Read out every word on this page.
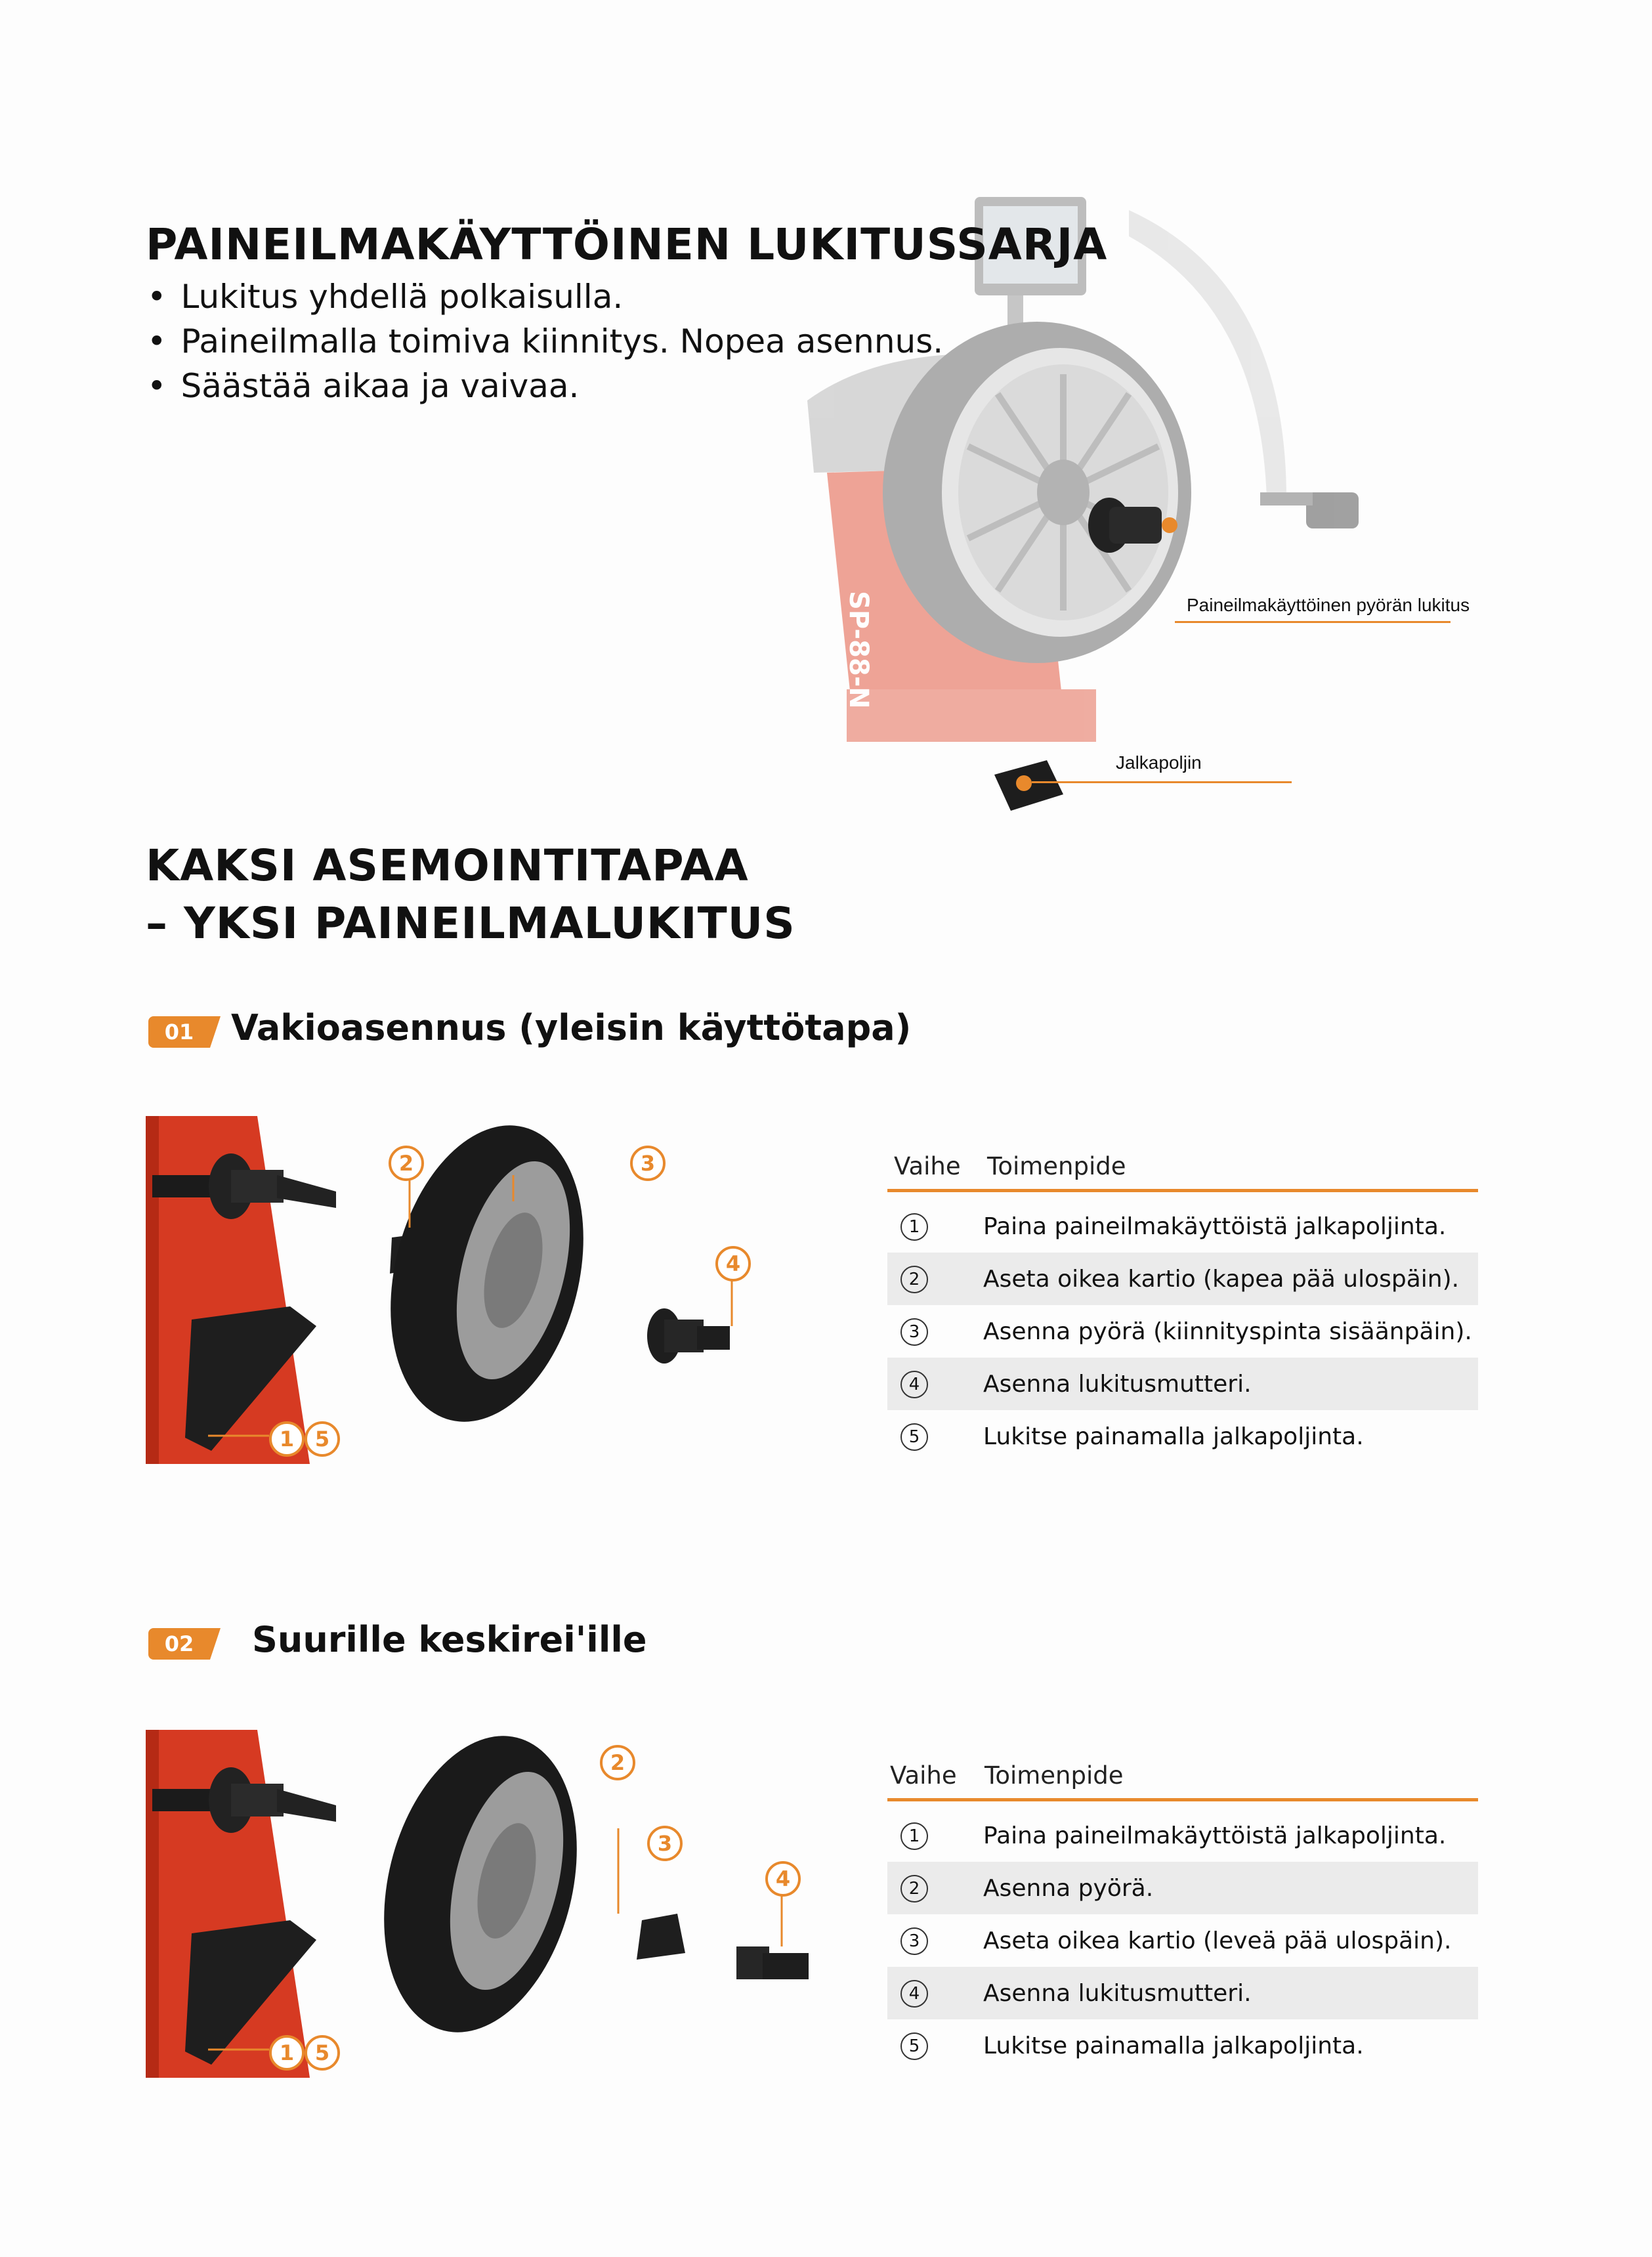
SP-88-N	Paineilmakäyttöinen pyörän lukitus
Jalkapoljin
PAINEILMAKÄYTTÖINEN LUKITUSSARJA
• Lukitus yhdellä polkaisulla.
• Paineilmalla toimiva kiinnitys. Nopea asennus.
• Säästää aikaa ja vaivaa.
KAKSI ASEMOINTITAPAA
– YKSI PAINEILMALUKITUS
01	Vakioasennus (yleisin käyttötapa)
2	3
4
1 5
Vaihe Toimenpide
1	Paina paineilmakäyttöistä jalkapoljintа.
2	Aseta oikea kartio (kapea pää ulospäin).
3	Asenna pyörä (kiinnityspinta sisäänpäin).
4	Asenna lukitusmutteri.
5	Lukitse painamalla jalkapoljinta.
02	Suurille keskirei'ille
2
3
4
1 5
Vaihe Toimenpide
1	Paina paineilmakäyttöistä jalkapoljinta.
2	Asenna pyörä.
3	Aseta oikea kartio (leveä pää ulospäin).
4	Asenna lukitusmutteri.
5	Lukitse painamalla jalkapoljinta.
